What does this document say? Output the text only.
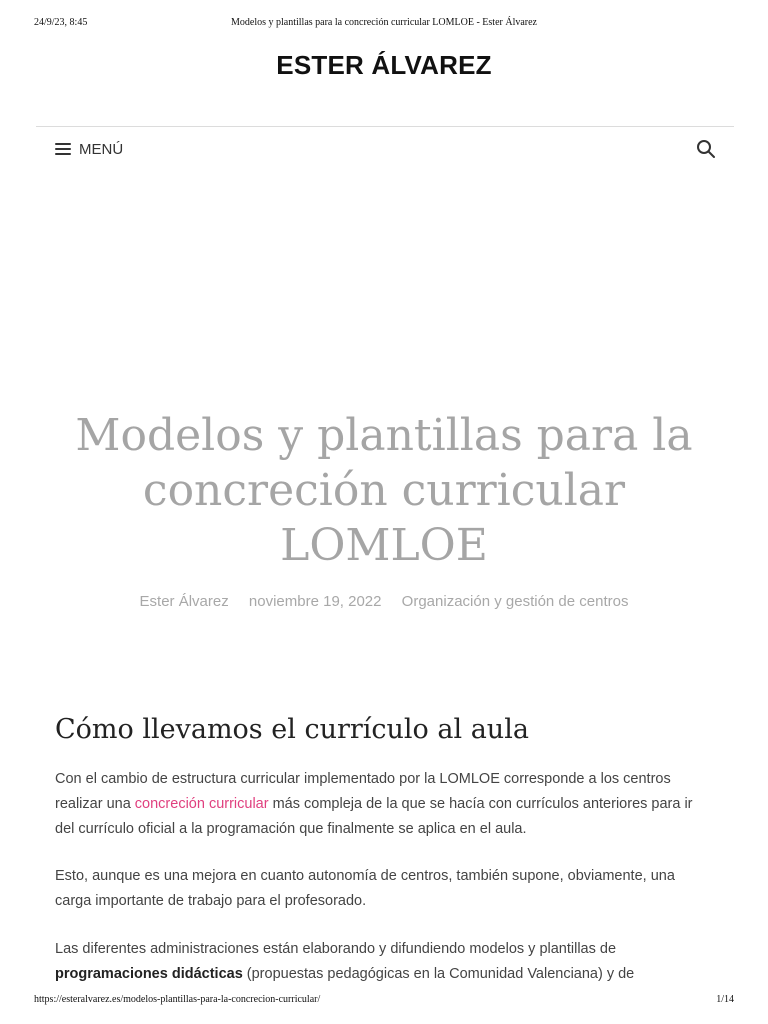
24/9/23, 8:45	Modelos y plantillas para la concreción curricular LOMLOE - Ester Álvarez
ESTER ÁLVAREZ
MENÚ
Modelos y plantillas para la concreción curricular LOMLOE
Ester Álvarez noviembre 19, 2022 Organización y gestión de centros
Cómo llevamos el currículo al aula

Con el cambio de estructura curricular implementado por la LOMLOE corresponde a los centros realizar una concreción curricular más compleja de la que se hacía con currículos anteriores para ir del currículo oficial a la programación que finalmente se aplica en el aula.

Esto, aunque es una mejora en cuanto autonomía de centros, también supone, obviamente, una carga importante de trabajo para el profesorado.

Las diferentes administraciones están elaborando y difundiendo modelos y plantillas de programaciones didácticas (propuestas pedagógicas en la Comunidad Valenciana) y de

https://esteralvarez.es/modelos-plantillas-para-la-concrecion-curricular/	1/14
